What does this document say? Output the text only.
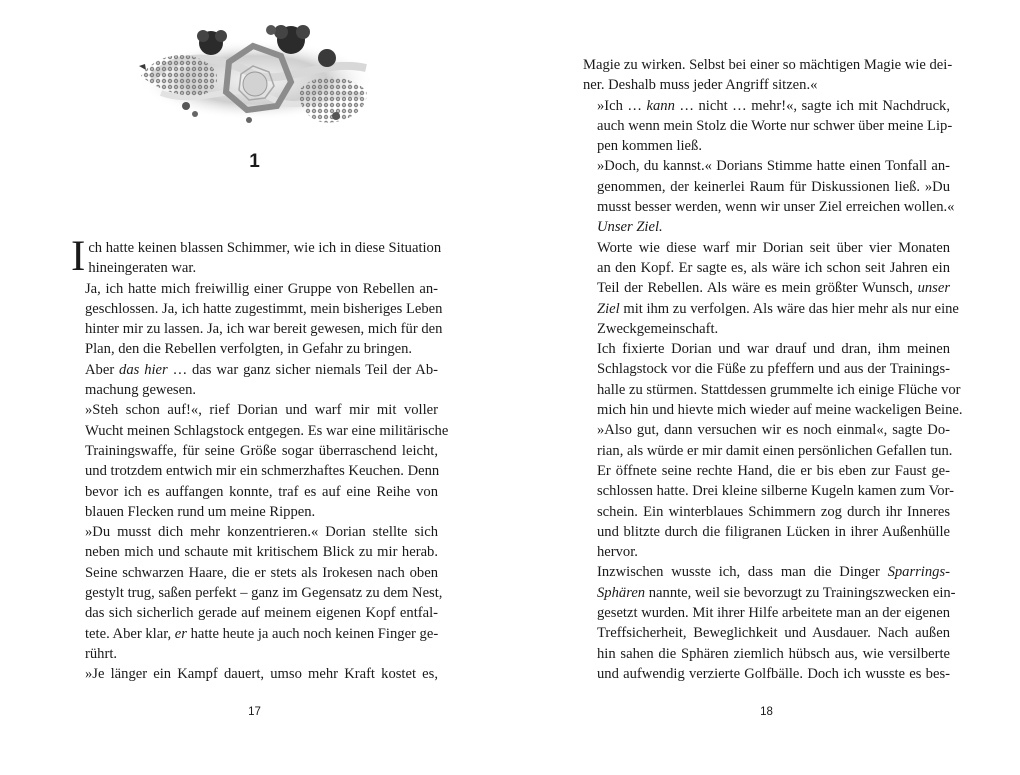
1

I ch hatte keinen blassen Schimmer, wie ich in diese Situation
hineingeraten war.

Ja, ich hatte mich freiwillig einer Gruppe von Rebellen an-
geschlossen. Ja, ich hatte zugestimmt, mein bisheriges Leben
hinter mir zu lassen. Ja, ich war bereit gewesen, mich für den
Plan, den die Rebellen verfolgten, in Gefahr zu bringen.

Aber das hier … das war ganz sicher niemals Teil der Ab-
machung gewesen.

»Steh schon auf!«, rief Dorian und warf mir mit voller
Wucht meinen Schlagstock entgegen. Es war eine militärische
Trainingswaffe, für seine Größe sogar überraschend leicht,
und trotzdem entwich mir ein schmerzhaftes Keuchen. Denn
bevor ich es auffangen konnte, traf es auf eine Reihe von
blauen Flecken rund um meine Rippen.

»Du musst dich mehr konzentrieren.« Dorian stellte sich
neben mich und schaute mit kritischem Blick zu mir herab.
Seine schwarzen Haare, die er stets als Irokesen nach oben
gestylt trug, saßen perfekt – ganz im Gegensatz zu dem Nest,
das sich sicherlich gerade auf meinem eigenen Kopf entfal-
tete. Aber klar, er hatte heute ja auch noch keinen Finger ge-
rührt.

»Je länger ein Kampf dauert, umso mehr Kraft kostet es,

17

Magie zu wirken. Selbst bei einer so mächtigen Magie wie dei-
ner. Deshalb muss jeder Angriff sitzen.«

»Ich … kann … nicht … mehr!«, sagte ich mit Nachdruck,
auch wenn mein Stolz die Worte nur schwer über meine Lip-
pen kommen ließ.

»Doch, du kannst.« Dorians Stimme hatte einen Tonfall an-
genommen, der keinerlei Raum für Diskussionen ließ. »Du
musst besser werden, wenn wir unser Ziel erreichen wollen.«

Unser Ziel.

Worte wie diese warf mir Dorian seit über vier Monaten
an den Kopf. Er sagte es, als wäre ich schon seit Jahren ein
Teil der Rebellen. Als wäre es mein größter Wunsch, unser
Ziel mit ihm zu verfolgen. Als wäre das hier mehr als nur eine
Zweckgemeinschaft.

Ich fixierte Dorian und war drauf und dran, ihm meinen
Schlagstock vor die Füße zu pfeffern und aus der Trainings-
halle zu stürmen. Stattdessen grummelte ich einige Flüche vor
mich hin und hievte mich wieder auf meine wackeligen Beine.

»Also gut, dann versuchen wir es noch einmal«, sagte Do-
rian, als würde er mir damit einen persönlichen Gefallen tun.
Er öffnete seine rechte Hand, die er bis eben zur Faust ge-
schlossen hatte. Drei kleine silberne Kugeln kamen zum Vor-
schein. Ein winterblaues Schimmern zog durch ihr Inneres
und blitzte durch die filigranen Lücken in ihrer Außenhülle
hervor.

Inzwischen wusste ich, dass man die Dinger Sparrings-
Sphären nannte, weil sie bevorzugt zu Trainingszwecken ein-
gesetzt wurden. Mit ihrer Hilfe arbeitete man an der eigenen
Treffsicherheit, Beweglichkeit und Ausdauer. Nach außen
hin sahen die Sphären ziemlich hübsch aus, wie versilberte
und aufwendig verzierte Golfbälle. Doch ich wusste es bes-

18
